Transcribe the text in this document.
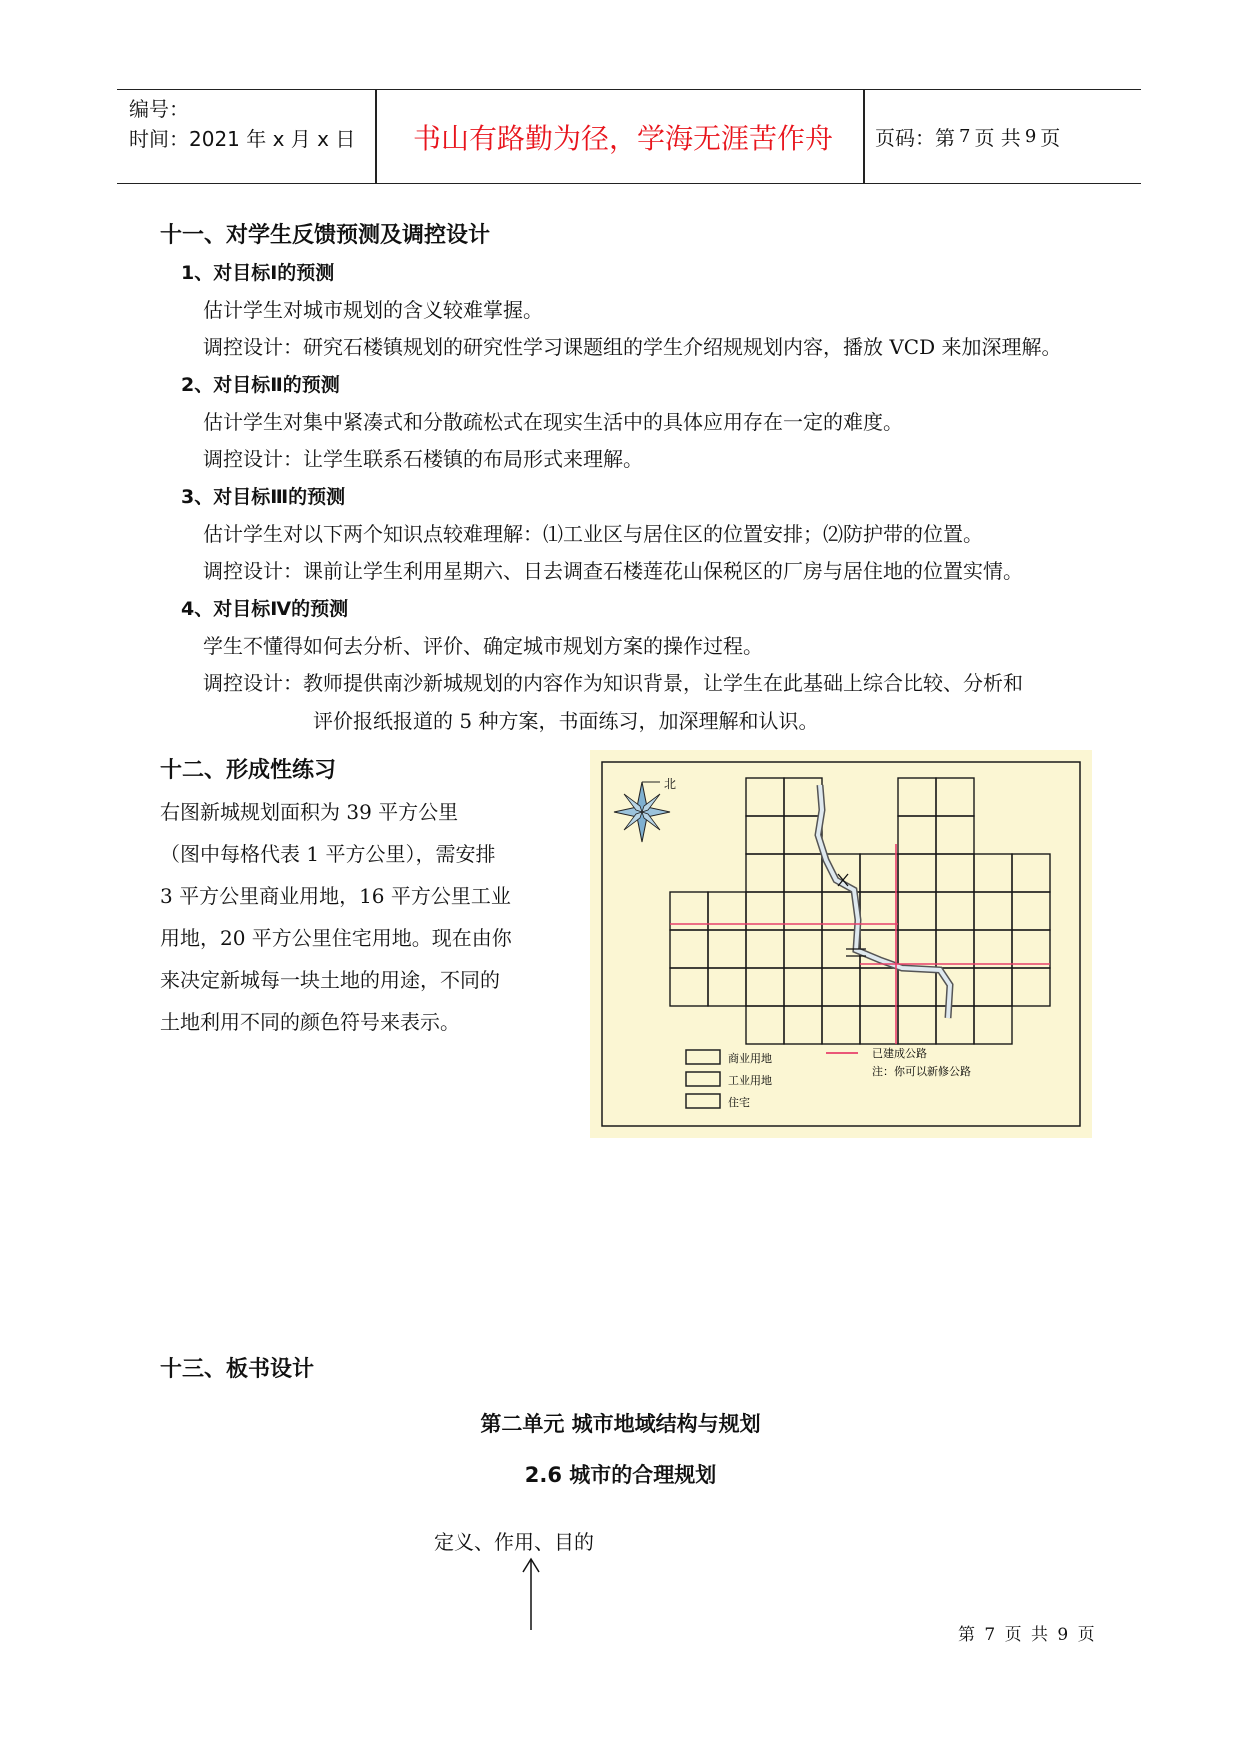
编号：
时间：2021 年 x 月 x 日	书山有路勤为径，学海无涯苦作舟	页码：第 7 页 共 9 页
十一、对学生反馈预测及调控设计
1、对目标Ⅰ的预测
估计学生对城市规划的含义较难掌握。
调控设计：研究石楼镇规划的研究性学习课题组的学生介绍规规划内容，播放 VCD 来加深理解。
2、对目标Ⅱ的预测
估计学生对集中紧凑式和分散疏松式在现实生活中的具体应用存在一定的难度。
调控设计：让学生联系石楼镇的布局形式来理解。
3、对目标Ⅲ的预测
估计学生对以下两个知识点较难理解：⑴工业区与居住区的位置安排；⑵防护带的位置。
调控设计：课前让学生利用星期六、日去调查石楼莲花山保税区的厂房与居住地的位置实情。
4、对目标Ⅳ的预测
学生不懂得如何去分析、评价、确定城市规划方案的操作过程。
调控设计：教师提供南沙新城规划的内容作为知识背景，让学生在此基础上综合比较、分析和
评价报纸报道的 5 种方案，书面练习，加深理解和认识。
十二、形成性练习
右图新城规划面积为 39 平方公里
（图中每格代表 1 平方公里），需安排
3 平方公里商业用地，16 平方公里工业
用地，20 平方公里住宅用地。现在由你
来决定新城每一块土地的用途，不同的
土地利用不同的颜色符号来表示。
北
商业用地
工业用地
住宅
已建成公路
注：你可以新修公路
十三、板书设计
第二单元 城市地域结构与规划
2.6 城市的合理规划
定义、作用、目的
第 7 页 共 9 页
